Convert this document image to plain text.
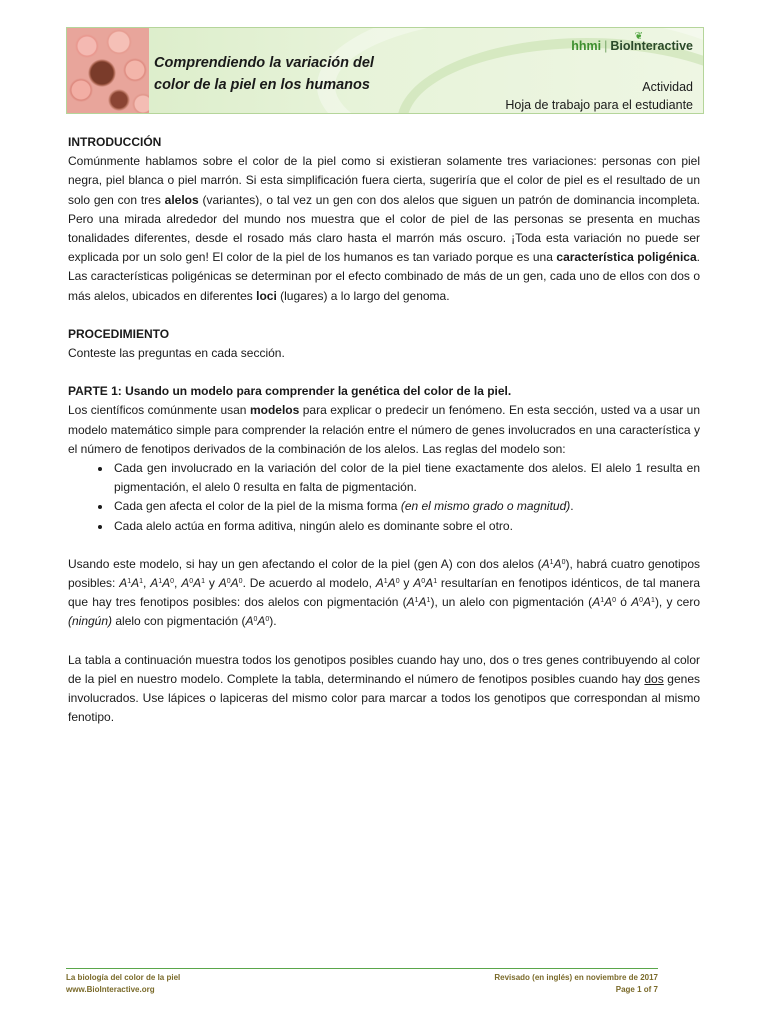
Comprendiendo la variación del color de la piel en los humanos
❦
hhmi | BioInteractive
Actividad
Hoja de trabajo para el estudiante
INTRODUCCIÓN

Comúnmente hablamos sobre el color de la piel como si existieran solamente tres variaciones: personas con piel negra, piel blanca o piel marrón. Si esta simplificación fuera cierta, sugeriría que el color de piel es el resultado de un solo gen con tres alelos (variantes), o tal vez un gen con dos alelos que siguen un patrón de dominancia incompleta. Pero una mirada alrededor del mundo nos muestra que el color de piel de las personas se presenta en muchas tonalidades diferentes, desde el rosado más claro hasta el marrón más oscuro. ¡Toda esta variación no puede ser explicada por un solo gen! El color de la piel de los humanos es tan variado porque es una característica poligénica. Las características poligénicas se determinan por el efecto combinado de más de un gen, cada uno de ellos con dos o más alelos, ubicados en diferentes loci (lugares) a lo largo del genoma.

PROCEDIMIENTO

Conteste las preguntas en cada sección.

PARTE 1: Usando un modelo para comprender la genética del color de la piel.

Los científicos comúnmente usan modelos para explicar o predecir un fenómeno. En esta sección, usted va a usar un modelo matemático simple para comprender la relación entre el número de genes involucrados en una característica y el número de fenotipos derivados de la combinación de los alelos. Las reglas del modelo son:

• Cada gen involucrado en la variación del color de la piel tiene exactamente dos alelos. El alelo 1 resulta en pigmentación, el alelo 0 resulta en falta de pigmentación.
• Cada gen afecta el color de la piel de la misma forma (en el mismo grado o magnitud).
• Cada alelo actúa en forma aditiva, ningún alelo es dominante sobre el otro.

Usando este modelo, si hay un gen afectando el color de la piel (gen A) con dos alelos $(A^1A^0)$, habrá cuatro genotipos posibles: $A^1A^1$, $A^1A^0$, $A^0A^1$ y $A^0A^0$. De acuerdo al modelo, $A^1A^0$ y $A^0A^1$ resultarían en fenotipos idénticos, de tal manera que hay tres fenotipos posibles: dos alelos con pigmentación $(A^1A^1)$, un alelo con pigmentación ($A^1A^0$ ó $A^0A^1$), y cero (ningún) alelo con pigmentación $(A^0A^0)$.

La tabla a continuación muestra todos los genotipos posibles cuando hay uno, dos o tres genes contribuyendo al color de la piel en nuestro modelo. Complete la tabla, determinando el número de fenotipos posibles cuando hay dos genes involucrados. Use lápices o lapiceras del mismo color para marcar a todos los genotipos que correspondan al mismo fenotipo.

La biología del color de la piel
www.BioInteractive.org
Revisado (en inglés) en noviembre de 2017
Page 1 of 7
